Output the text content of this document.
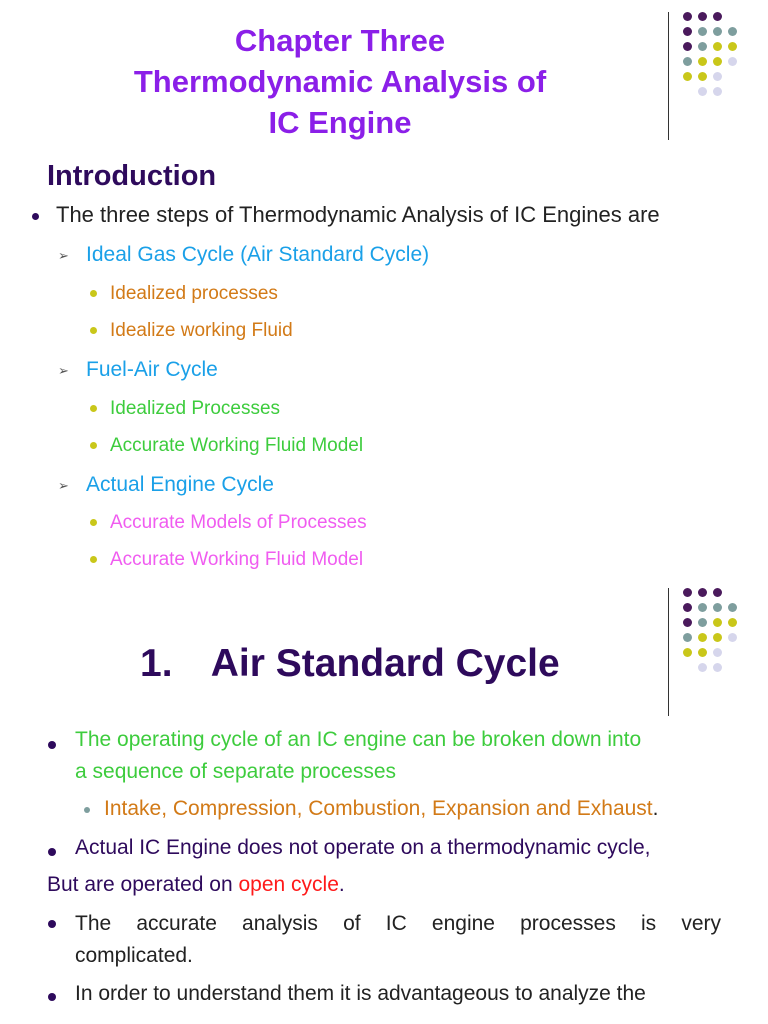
Chapter Three
Thermodynamic Analysis of
IC Engine
Introduction
The three steps of Thermodynamic Analysis of IC Engines are
➢ Ideal Gas Cycle (Air Standard Cycle)
Idealized processes
Idealize working Fluid
➢ Fuel-Air Cycle
Idealized Processes
Accurate Working Fluid Model
➢ Actual Engine Cycle
Accurate Models of Processes
Accurate Working Fluid Model
1. Air Standard Cycle
The operating cycle of an IC engine can be broken down into
a sequence of separate processes
Intake, Compression, Combustion, Expansion and Exhaust.
Actual IC Engine does not operate on a thermodynamic cycle,
But are operated on open cycle.
The accurate analysis of IC engine processes is very
complicated.
In order to understand them it is advantageous to analyze the
